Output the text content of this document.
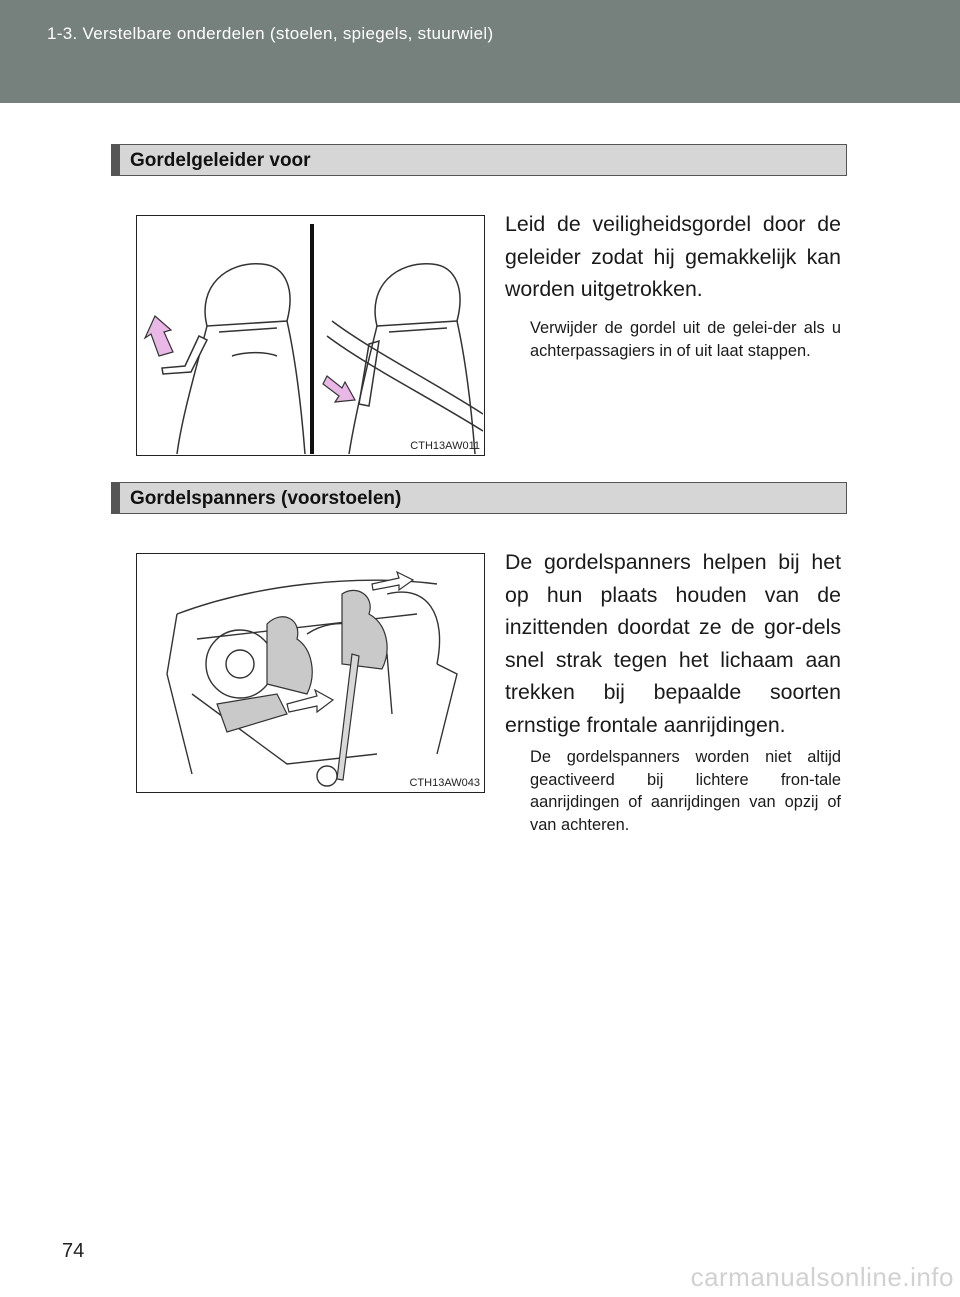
1-3. Verstelbare onderdelen (stoelen, spiegels, stuurwiel)
Gordelgeleider voor
CTH13AW011
Leid de veiligheidsgordel door de geleider zodat hij gemakkelijk kan worden uitgetrokken.
Verwijder de gordel uit de gelei-der als u achterpassagiers in of uit laat stappen.
Gordelspanners (voorstoelen)
CTH13AW043
De gordelspanners helpen bij het op hun plaats houden van de inzittenden doordat ze de gor-dels snel strak tegen het lichaam aan trekken bij bepaalde soorten ernstige frontale aanrijdingen.
De gordelspanners worden niet altijd geactiveerd bij lichtere fron-tale aanrijdingen of aanrijdingen van opzij of van achteren.
74
carmanualsonline.info
